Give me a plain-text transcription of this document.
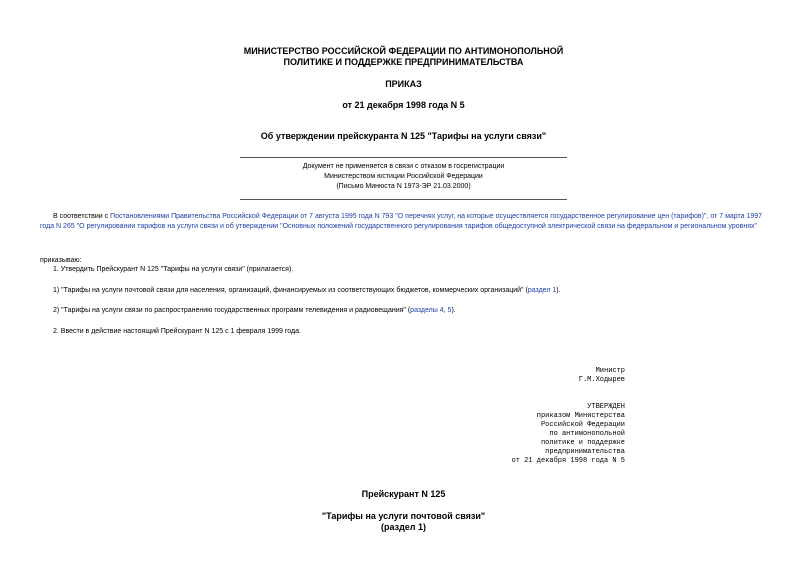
МИНИСТЕРСТВО РОССИЙСКОЙ ФЕДЕРАЦИИ ПО АНТИМОНОПОЛЬНОЙ
ПОЛИТИКЕ И ПОДДЕРЖКЕ ПРЕДПРИНИМАТЕЛЬСТВА
ПРИКАЗ
от 21 декабря 1998 года N 5
Об утверждении прейскуранта N 125 "Тарифы на услуги связи"
Документ не применяется в связи с отказом в госрегистрации
Министерством юстиции Российской Федерации
(Письмо Минюста N 1973-ЭР 21.03.2000)
В соответствии с Постановлениями Правительства Российской Федерации от 7 августа 1995 года N 793 "О перечнях услуг, на которые осуществляется государственное регулирование цен (тарифов)", от 7 марта 1997 года N 265 "О регулировании тарифов на услуги связи и об утверждении "Основных положений государственного регулирования тарифов общедоступной электрической связи на федеральном и региональном уровнях"
приказываю:
1. Утвердить Прейскурант N 125 "Тарифы на услуги связи" (прилагается).
1) "Тарифы на услуги почтовой связи для населения, организаций, финансируемых из соответствующих бюджетов, коммерческих организаций" (раздел 1).
2) "Тарифы на услуги связи по распространению государственных программ телевидения и радиовещания" (разделы 4, 5).
2. Ввести в действие настоящий Прейскурант N 125 с 1 февраля 1999 года.
Министр
Г.М.Ходырев
УТВЕРЖДЕН
приказом Министерства
Российской Федерации
по антимонопольной
политике и поддержке
предпринимательства
от 21 декабря 1998 года N 5
Прейскурант N 125
"Тарифы на услуги почтовой связи"
(раздел 1)
